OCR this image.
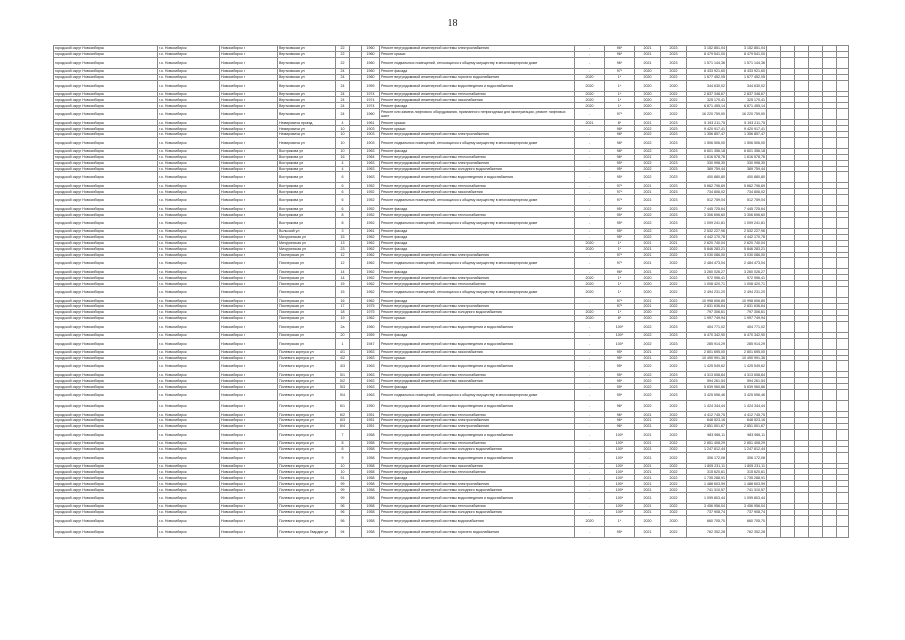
18
городской округ Новосибирск	г.о. Новосибирск	Новосибирск г	Вертковская ул	22		1960	Ремонт внутридомовой инженерной системы электроснабжения	-	96*	2021	2023	3 152 851,04	3 152 851,04						
городской округ Новосибирск	г.о. Новосибирск	Новосибирск г	Вертковская ул	22		1960	Ремонт крыши	-	96*	2021	2023	8 479 541,00	8 479 541,00						
городской округ Новосибирск	г.о. Новосибирск	Новосибирск г	Вертковская ул	22		1960	Ремонт подвальных помещений, относящихся к общему имуществу в многоквартирном доме	-	96*	2021	2023	1 571 144,36	1 571 144,36						
городской округ Новосибирск	г.о. Новосибирск	Новосибирск г	Вертковская ул	24		1960	Ремонт фасада	-	97*	2020	2022	8 433 921,60	8 433 921,60						
городской округ Новосибирск	г.о. Новосибирск	Новосибирск г	Вертковская ул	24		1960	Ремонт внутридомовой инженерной системы горячего водоснабжения	2020	1*	2020	2022	1 677 452,05	1 677 452,05						
городской округ Новосибирск	г.о. Новосибирск	Новосибирск г	Вертковская ул	24		1959	Ремонт внутридомовой инженерной системы водоотведения и водоснабжения	2020	1*	2020	2020	344 630,02	344 630,02						
городской округ Новосибирск	г.о. Новосибирск	Новосибирск г	Вертковская ул	24		1974	Ремонт внутридомовой инженерной системы теплоснабжения	2020	1*	2020	2022	2 837 348,67	2 837 348,67						
городской округ Новосибирск	г.о. Новосибирск	Новосибирск г	Вертковская ул	24		1974	Ремонт внутридомовой инженерной системы газоснабжения	2020	1*	2020	2022	325 170,41	325 170,41						
городской округ Новосибирск	г.о. Новосибирск	Новосибирск г	Вертковская ул	24		1974	Ремонт фасада	2020	1*	2020	2022	6 871 455,14	6 871 455,14						
городской округ Новосибирск	г.о. Новосибирск	Новосибирск г	Вертковская ул	24		1960	Ремонт или замена лифтового оборудования, признанного непригодным для эксплуатации, ремонт лифтовых шахт	-	97*	2020	2022	16 220 759,00	16 220 759,00						
городской округ Новосибирск	г.о. Новосибирск	Новосибирск г	Немировича проезд	4		1961	Ремонт крыши	2021	8*	2021	2023	5 193 211,75	5 193 211,75						
городской округ Новосибирск	г.о. Новосибирск	Новосибирск г	Немировича ул	10		1903	Ремонт крыши	-	98*	2022	2023	9 420 917,41	9 420 917,41						
городской округ Новосибирск	г.о. Новосибирск	Новосибирск г	Немировича ул	10		1903	Ремонт внутридомовой инженерной системы электроснабжения	-	98*	2022	2023	1 356 857,47	1 356 857,47						
городской округ Новосибирск	г.о. Новосибирск	Новосибирск г	Немировича ул	10		1903	Ремонт подвальных помещений, относящихся к общему имуществу в многоквартирном доме	-	98*	2022	2023	1 506 506,00	1 506 506,00						
городской округ Новосибирск	г.о. Новосибирск	Новосибирск г	Вострякова ул	10		1963	Ремонт фасада	-	98*	2022	2023	6 601 356,18	6 601 356,18						
городской округ Новосибирск	г.о. Новосибирск	Новосибирск г	Вострякова ул	16		1964	Ремонт внутридомовой инженерной системы теплоснабжения	-	96*	2021	2023	1 616 578,76	1 616 578,76						
городской округ Новосибирск	г.о. Новосибирск	Новосибирск г	Вострякова ул	4		1963	Ремонт внутридомовой инженерной системы электроснабжения	-	95*	2022	2023	330 998,30	330 998,30						
городской округ Новосибирск	г.о. Новосибирск	Новосибирск г	Вострякова ул	4		1963	Ремонт внутридомовой инженерной системы холодного водоснабжения	-	95*	2022	2023	389 759,44	389 759,44						
городской округ Новосибирск	г.о. Новосибирск	Новосибирск г	Вострякова ул	6		1963	Ремонт внутридомовой инженерной системы водоотведения и водоснабжения	-	95*	2022	2023	400 880,80	400 880,80						
городской округ Новосибирск	г.о. Новосибирск	Новосибирск г	Вострякова ул	6		1952	Ремонт внутридомовой инженерной системы теплоснабжения	-	97*	2021	2023	5 662 796,69	5 662 796,69						
городской округ Новосибирск	г.о. Новосибирск	Новосибирск г	Вострякова ул	6		1952	Ремонт внутридомовой инженерной системы газоснабжения	-	97*	2021	2023	734 806,02	734 806,02						
городской округ Новосибирск	г.о. Новосибирск	Новосибирск г	Вострякова ул	6		1952	Ремонт подвальных помещений, относящихся к общему имуществу в многоквартирном доме	-	97*	2021	2023	512 759,04	512 759,04						
городской округ Новосибирск	г.о. Новосибирск	Новосибирск г	Вострякова ул	6		1952	Ремонт фасада	-	95*	2022	2023	7 445 725,64	7 445 725,64						
городской округ Новосибирск	г.о. Новосибирск	Новосибирск г	Вострякова ул	8		1952	Ремонт внутридомовой инженерной системы теплоснабжения	-	95*	2022	2023	3 306 696,60	3 306 696,60						
городской округ Новосибирск	г.о. Новосибирск	Новосибирск г	Вострякова ул	8		1952	Ремонт подвальных помещений, относящихся к общему имуществу в многоквартирном доме	-	95*	2022	2023	1 009 241,81	1 009 241,81						
городской округ Новосибирск	г.о. Новосибирск	Новосибирск г	Вольский ул	3		1961	Ремонт фасада	-	95*	2022	2023	2 532 227,96	2 532 227,96						
городской округ Новосибирск	г.о. Новосибирск	Новосибирск г	Мичуринская ул	15		1962	Ремонт фасада	-	95*	2022	2023	4 442 170,78	4 442 170,78						
городской округ Новосибирск	г.о. Новосибирск	Новосибирск г	Мичуринская ул	13		1962	Ремонт фасада	2020	1*	2021	2021	2 620 740,04	2 620 740,04						
городской округ Новосибирск	г.о. Новосибирск	Новосибирск г	Мичуринская ул	23		1962	Ремонт фасада	2020	1*	2021	2022	5 846 283,21	5 846 283,21						
городской округ Новосибирск	г.о. Новосибирск	Новосибирск г	Пионерская ул	12		1962	Ремонт внутридомовой инженерной системы электроснабжения	-	97*	2021	2022	3 030 086,00	3 030 086,00						
городской округ Новосибирск	г.о. Новосибирск	Новосибирск г	Пионерская ул	12		1962	Ремонт подвальных помещений, относящихся к общему имуществу в многоквартирном доме	-	97*	2021	2022	2 484 473,04	2 484 473,04						
городской округ Новосибирск	г.о. Новосибирск	Новосибирск г	Пионерская ул	14		1962	Ремонт фасада	-	96*	2021	2022	3 260 026,27	3 260 026,27						
городской округ Новосибирск	г.о. Новосибирск	Новосибирск г	Пионерская ул	14		1962	Ремонт внутридомовой инженерной системы электроснабжения	2020	1*	2020	2022	972 996,41	972 996,41						
городской округ Новосибирск	г.о. Новосибирск	Новосибирск г	Пионерская ул	15		1962	Ремонт внутридомовой инженерной системы теплоснабжения	2020	1*	2020	2022	1 008 420,71	1 008 420,71						
городской округ Новосибирск	г.о. Новосибирск	Новосибирск г	Пионерская ул	15		1962	Ремонт подвальных помещений, относящихся к общему имуществу в многоквартирном доме	2020	1*	2020	2022	2 494 231,20	2 494 231,20						
городской округ Новосибирск	г.о. Новосибирск	Новосибирск г	Пионерская ул	16		1962	Ремонт фасада	-	97*	2021	2022	10 998 606,80	10 998 606,80						
городской округ Новосибирск	г.о. Новосибирск	Новосибирск г	Пионерская ул	17		1975	Ремонт внутридомовой инженерной системы электроснабжения	-	97*	2021	2022	2 831 636,64	2 831 636,64						
городской округ Новосибирск	г.о. Новосибирск	Новосибирск г	Пионерская ул	18		1975	Ремонт внутридомовой инженерной системы холодного водоснабжения	2020	1*	2020	2022	797 306,61	797 306,61						
городской округ Новосибирск	г.о. Новосибирск	Новосибирск г	Пионерская ул	19		1962	Ремонт крыши	2020	8*	2020	2022	1 997 749,94	1 997 749,94						
городской округ Новосибирск	г.о. Новосибирск	Новосибирск г	Пионерская ул	2а		1960	Ремонт внутридомовой инженерной системы водоотведения и водоснабжения	-	100*	2022	2023	404 771,02	404 771,02						
городской округ Новосибирск	г.о. Новосибирск	Новосибирск г	Пионерская ул	20		1959	Ремонт фасада	-	100*	2022	2023	6 470 342,90	6 470 342,90						
городской округ Новосибирск	г.о. Новосибирск	Новосибирск г	Пионерская ул	1		1947	Ремонт внутридомовой инженерной системы водоотведения и водоснабжения	-	100*	2022	2023	285 914,29	285 914,29						
городской округ Новосибирск	г.о. Новосибирск	Новосибирск г	Полевого корпуса ул	4/1		1963	Ремонт внутридомовой инженерной системы газоснабжения	-	95*	2021	2022	2 801 695,00	2 801 695,00						
городской округ Новосибирск	г.о. Новосибирск	Новосибирск г	Полевого корпуса ул	4/2		1963	Ремонт крыши	-	95*	2021	2022	10 490 991,36	10 490 991,36						
городской округ Новосибирск	г.о. Новосибирск	Новосибирск г	Полевого корпуса ул	4/3		1963	Ремонт внутридомовой инженерной системы водоотведения и водоснабжения	-	95*	2022	2022	1 425 549,62	1 425 549,62						
городской округ Новосибирск	г.о. Новосибирск	Новосибирск г	Полевого корпуса ул	5/1		1963	Ремонт внутридомовой инженерной системы теплоснабжения	-	95*	2022	2023	4 313 658,84	4 313 658,84						
городской округ Новосибирск	г.о. Новосибирск	Новосибирск г	Полевого корпуса ул	5/2		1963	Ремонт внутридомовой инженерной системы газоснабжения	-	95*	2022	2023	594 261,54	594 261,54						
городской округ Новосибирск	г.о. Новосибирск	Новосибирск г	Полевого корпуса ул	5/3		1963	Ремонт фасада	-	95*	2022	2023	5 839 960,86	5 839 960,86						
городской округ Новосибирск	г.о. Новосибирск	Новосибирск г	Полевого корпуса ул	5/4		1963	Ремонт подвальных помещений, относящихся к общему имуществу в многоквартирном доме	-	95*	2022	2023	3 425 596,46	3 425 596,46						
городской округ Новосибирск	г.о. Новосибирск	Новосибирск г	Полевого корпуса ул	6/1		1950	Ремонт внутридомовой инженерной системы водоотведения и водоснабжения	-	96*	2022	2022	1 424 344,44	1 424 344,44						
городской округ Новосибирск	г.о. Новосибирск	Новосибирск г	Полевого корпуса ул	6/2		1951	Ремонт внутридомовой инженерной системы теплоснабжения	-	96*	2021	2022	4 412 745,75	4 412 745,75						
городской округ Новосибирск	г.о. Новосибирск	Новосибирск г	Полевого корпуса ул	6/3		1951	Ремонт внутридомовой инженерной системы электроснабжения	-	96*	2021	2022	648 523,16	648 523,16						
городской округ Новосибирск	г.о. Новосибирск	Новосибирск г	Полевого корпуса ул	6/4		1951	Ремонт внутридомовой инженерной системы электроснабжения	-	96*	2021	2022	2 851 501,67	2 851 501,67						
городской округ Новосибирск	г.о. Новосибирск	Новосибирск г	Полевого корпуса ул	7		1958	Ремонт внутридомовой инженерной системы водоотведения и водоснабжения	-	100*	2021	2022	983 966,11	983 966,11						
городской округ Новосибирск	г.о. Новосибирск	Новосибирск г	Полевого корпуса ул	8		1958	Ремонт внутридомовой инженерной системы теплоснабжения	-	100*	2021	2022	2 851 408,29	2 851 408,29						
городской округ Новосибирск	г.о. Новосибирск	Новосибирск г	Полевого корпуса ул	8		1958	Ремонт внутридомовой инженерной системы холодного водоснабжения	-	100*	2021	2022	1 247 812,44	1 247 812,44						
городской округ Новосибирск	г.о. Новосибирск	Новосибирск г	Полевого корпуса ул	9		1958	Ремонт внутридомовой инженерной системы водоотведения и водоснабжения	-	100*	2021	2022	306 172,08	306 172,08						
городской округ Новосибирск	г.о. Новосибирск	Новосибирск г	Полевого корпуса ул	10		1958	Ремонт внутридомовой инженерной системы газоснабжения	-	100*	2021	2022	1 805 231,11	1 805 231,11						
городской округ Новосибирск	г.о. Новосибирск	Новосибирск г	Полевого корпуса ул	10		1958	Ремонт внутридомовой инженерной системы теплоснабжения	-	100*	2021	2022	315 620,61	315 620,61						
городской округ Новосибирск	г.о. Новосибирск	Новосибирск г	Полевого корпуса ул	91		1958	Ремонт фасада	-	100*	2021	2022	1 735 288,91	1 735 288,91						
городской округ Новосибирск	г.о. Новосибирск	Новосибирск г	Полевого корпуса ул	99		1958	Ремонт внутридомовой инженерной системы электроснабжения	-	100*	2021	2022	1 488 603,99	1 488 603,99						
городской округ Новосибирск	г.о. Новосибирск	Новосибирск г	Полевого корпуса ул	99		1958	Ремонт внутридомовой инженерной системы холодного водоснабжения	-	100*	2021	2022	741 310,57	741 310,57						
городской округ Новосибирск	г.о. Новосибирск	Новосибирск г	Полевого корпуса ул	99		1958	Ремонт внутридомовой инженерной системы водоотведения и водоснабжения	-	100*	2021	2022	1 095 803,44	1 095 803,44						
городской округ Новосибирск	г.о. Новосибирск	Новосибирск г	Полевого корпуса ул	96		1958	Ремонт внутридомовой инженерной системы теплоснабжения	-	100*	2021	2022	3 456 956,04	3 456 956,04						
городской округ Новосибирск	г.о. Новосибирск	Новосибирск г	Полевого корпуса ул	96		1958	Ремонт внутридомовой инженерной системы холодного водоснабжения	-	100*	2021	2022	737 908,74	737 908,74						
городской округ Новосибирск	г.о. Новосибирск	Новосибирск г	Полевого корпуса ул	96		1958	Ремонт внутридомовой инженерной системы водоснабжения	2020	1*	2020	2020	660 705,70	660 705,70						
городской округ Новосибирск	г.о. Новосибирск	Новосибирск г	Полевого корпуса Гвардии ул	94		1958	Ремонт внутридомовой инженерной системы горячего водоснабжения	-	95*	2021	2022	762 352,28	762 352,28						
